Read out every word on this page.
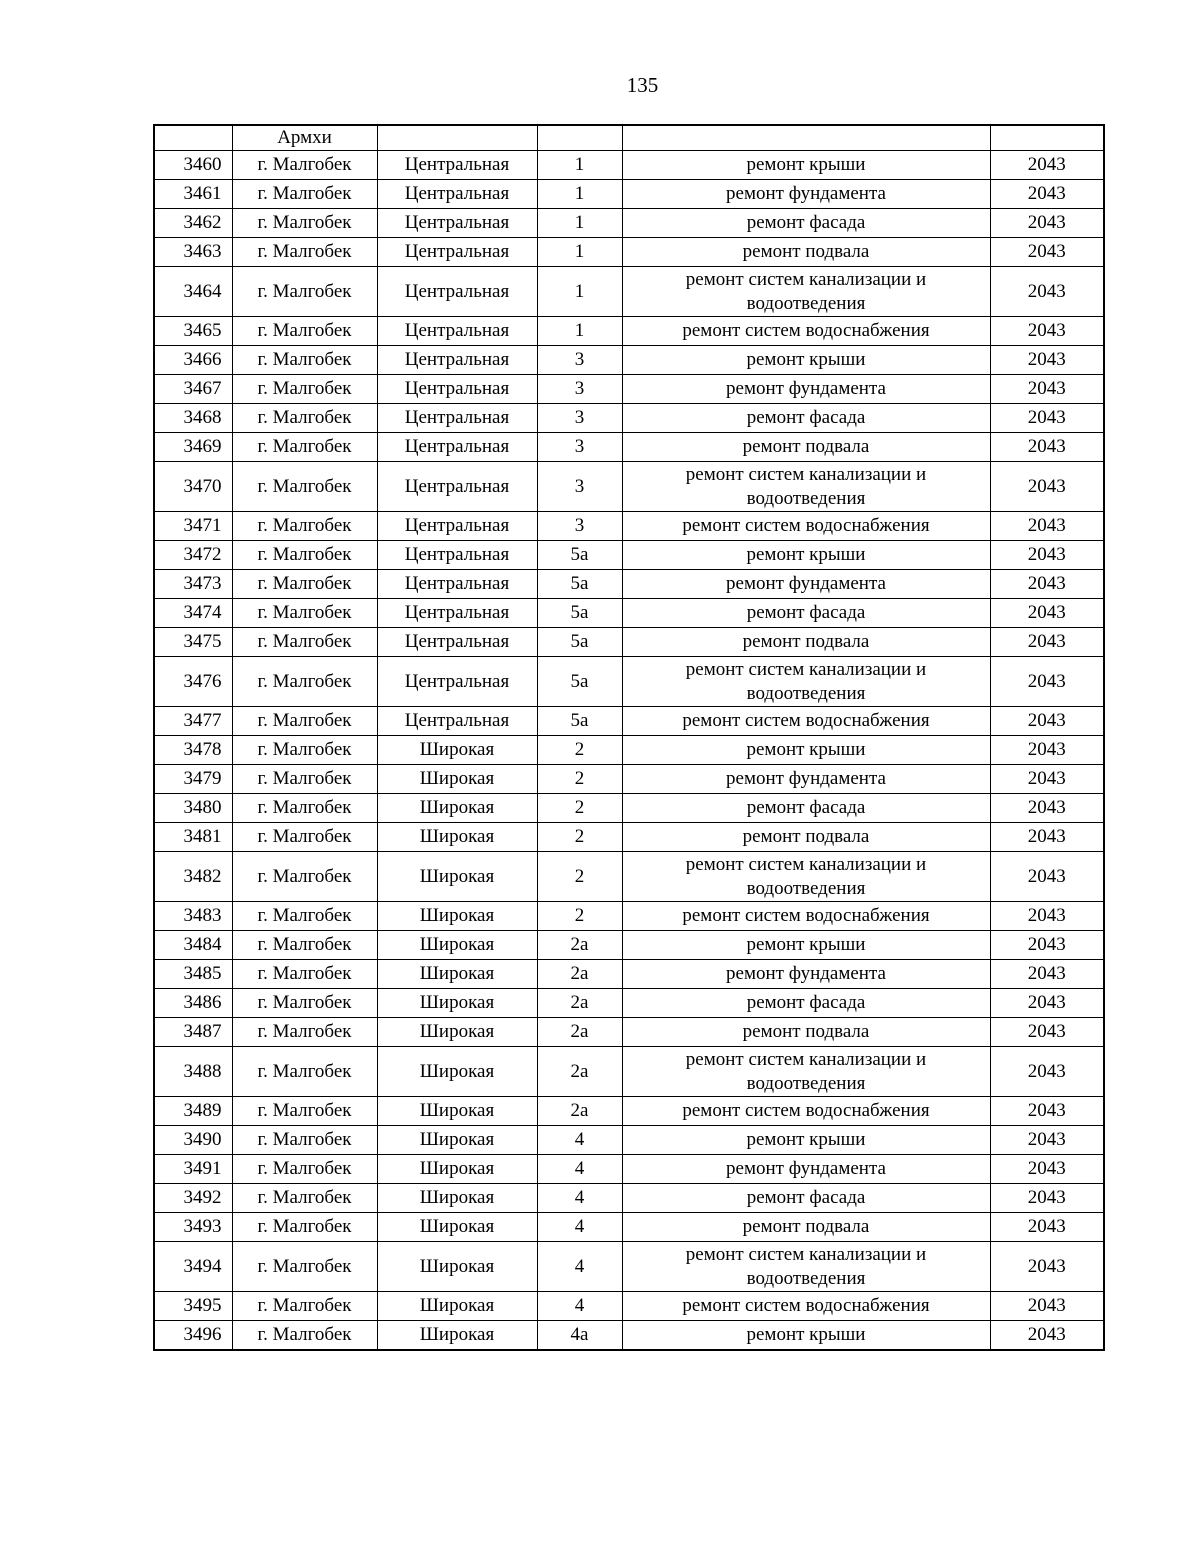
135
	Армхи				
3460	г. Малгобек	Центральная	1	ремонт крыши	2043
3461	г. Малгобек	Центральная	1	ремонт фундамента	2043
3462	г. Малгобек	Центральная	1	ремонт фасада	2043
3463	г. Малгобек	Центральная	1	ремонт подвала	2043
3464	г. Малгобек	Центральная	1	ремонт систем канализации и водоотведения	2043
3465	г. Малгобек	Центральная	1	ремонт систем водоснабжения	2043
3466	г. Малгобек	Центральная	3	ремонт крыши	2043
3467	г. Малгобек	Центральная	3	ремонт фундамента	2043
3468	г. Малгобек	Центральная	3	ремонт фасада	2043
3469	г. Малгобек	Центральная	3	ремонт подвала	2043
3470	г. Малгобек	Центральная	3	ремонт систем канализации и водоотведения	2043
3471	г. Малгобек	Центральная	3	ремонт систем водоснабжения	2043
3472	г. Малгобек	Центральная	5а	ремонт крыши	2043
3473	г. Малгобек	Центральная	5а	ремонт фундамента	2043
3474	г. Малгобек	Центральная	5а	ремонт фасада	2043
3475	г. Малгобек	Центральная	5а	ремонт подвала	2043
3476	г. Малгобек	Центральная	5а	ремонт систем канализации и водоотведения	2043
3477	г. Малгобек	Центральная	5а	ремонт систем водоснабжения	2043
3478	г. Малгобек	Широкая	2	ремонт крыши	2043
3479	г. Малгобек	Широкая	2	ремонт фундамента	2043
3480	г. Малгобек	Широкая	2	ремонт фасада	2043
3481	г. Малгобек	Широкая	2	ремонт подвала	2043
3482	г. Малгобек	Широкая	2	ремонт систем канализации и водоотведения	2043
3483	г. Малгобек	Широкая	2	ремонт систем водоснабжения	2043
3484	г. Малгобек	Широкая	2а	ремонт крыши	2043
3485	г. Малгобек	Широкая	2а	ремонт фундамента	2043
3486	г. Малгобек	Широкая	2а	ремонт фасада	2043
3487	г. Малгобек	Широкая	2а	ремонт подвала	2043
3488	г. Малгобек	Широкая	2а	ремонт систем канализации и водоотведения	2043
3489	г. Малгобек	Широкая	2а	ремонт систем водоснабжения	2043
3490	г. Малгобек	Широкая	4	ремонт крыши	2043
3491	г. Малгобек	Широкая	4	ремонт фундамента	2043
3492	г. Малгобек	Широкая	4	ремонт фасада	2043
3493	г. Малгобек	Широкая	4	ремонт подвала	2043
3494	г. Малгобек	Широкая	4	ремонт систем канализации и водоотведения	2043
3495	г. Малгобек	Широкая	4	ремонт систем водоснабжения	2043
3496	г. Малгобек	Широкая	4а	ремонт крыши	2043
